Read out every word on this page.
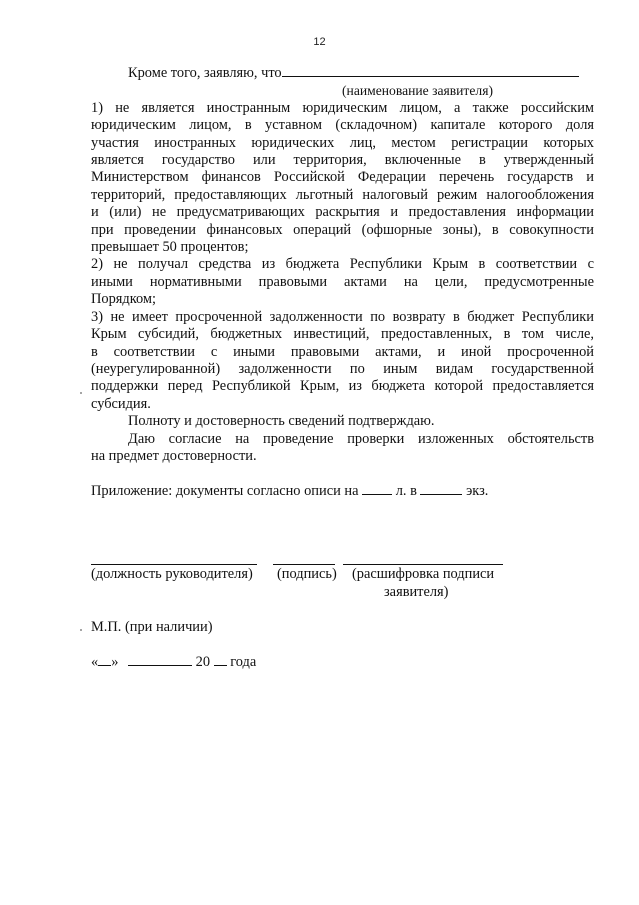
12
Кроме того, заявляю, что
(наименование заявителя)
1) не является иностранным юридическим лицом, а также российским
юридическим лицом, в уставном (складочном) капитале которого доля
участия иностранных юридических лиц, местом регистрации которых
является государство или территория, включенные в утвержденный
Министерством финансов Российской Федерации перечень государств и
территорий, предоставляющих льготный налоговый режим налогообложения
и (или) не предусматривающих раскрытия и предоставления информации
при проведении финансовых операций (офшорные зоны), в совокупности
превышает 50 процентов;
2) не получал средства из бюджета Республики Крым в соответствии с
иными нормативными правовыми актами на цели, предусмотренные
Порядком;
3) не имеет просроченной задолженности по возврату в бюджет Республики
Крым субсидий, бюджетных инвестиций, предоставленных, в том числе,
в соответствии с иными правовыми актами, и иной просроченной
(неурегулированной) задолженности по иным видам государственной
поддержки перед Республикой Крым, из бюджета которой предоставляется
субсидия.
Полноту и достоверность сведений подтверждаю.
Даю согласие на проведение проверки изложенных обстоятельств
на предмет достоверности.
Приложение: документы согласно описи на	л. в	экз.
(должность руководителя) (подпись) (расшифровка подписи
заявителя)
М.П. (при наличии)
« »	20 года
